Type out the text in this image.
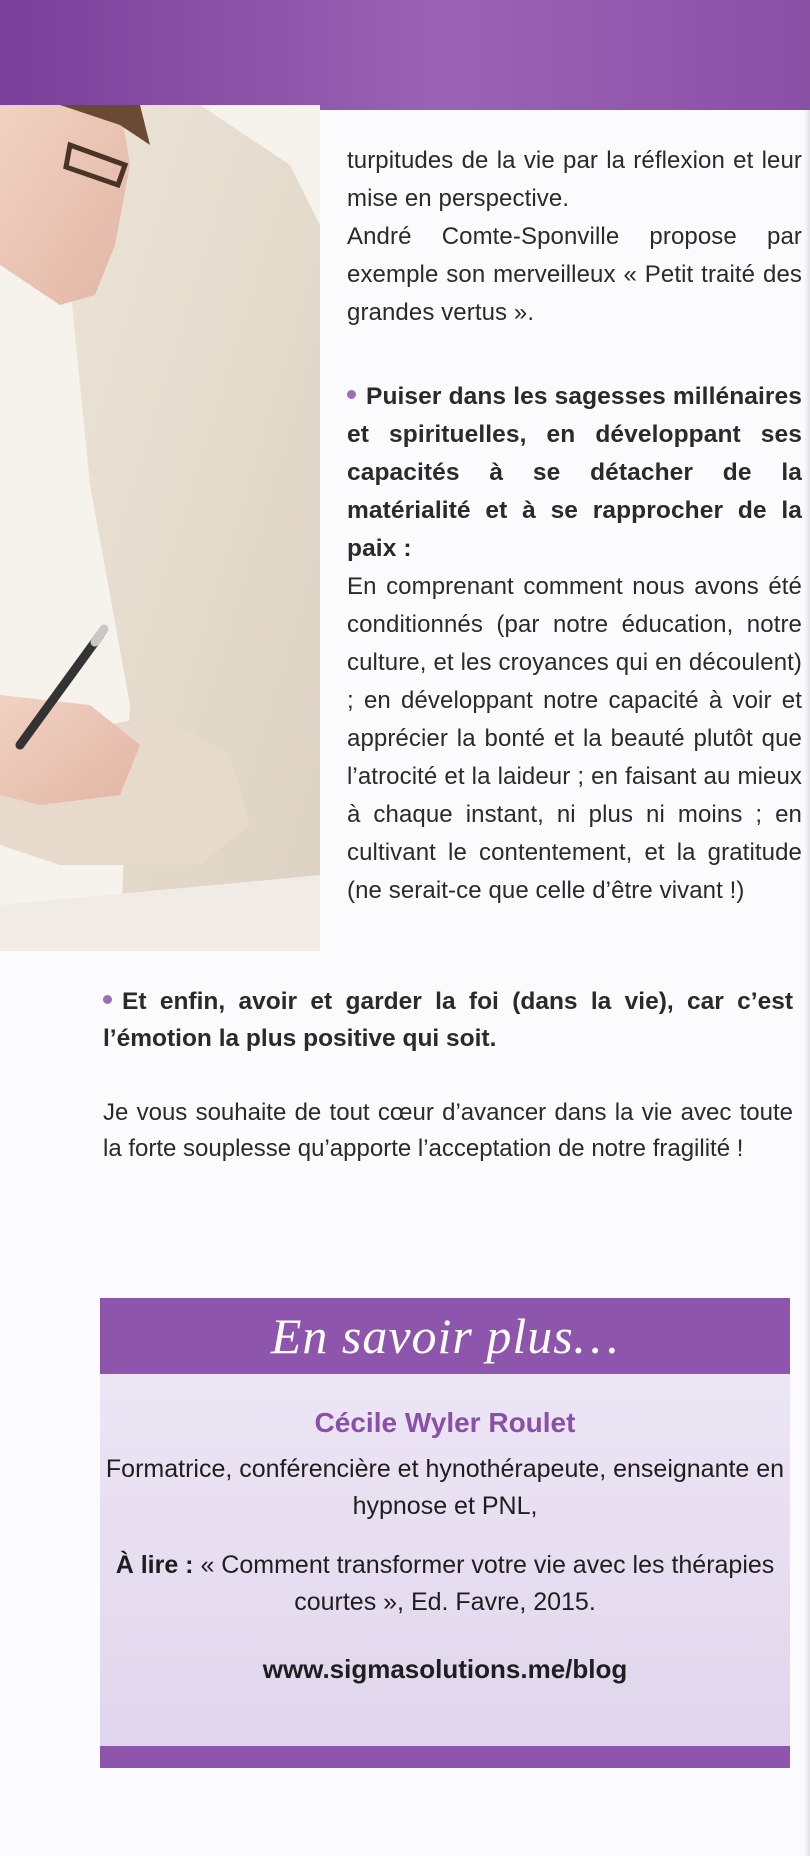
turpitudes de la vie par la réflexion et leur mise en perspective.

André Comte-Sponville propose par exemple son merveilleux « Petit traité des grandes vertus ».

Puiser dans les sagesses millénaires et spirituelles, en développant ses capacités à se détacher de la matérialité et à se rapprocher de la paix :

En comprenant comment nous avons été conditionnés (par notre éducation, notre culture, et les croyances qui en découlent) ; en développant notre capacité à voir et apprécier la bonté et la beauté plutôt que l’atrocité et la laideur ; en faisant au mieux à chaque instant, ni plus ni moins ; en cultivant le contentement, et la gratitude (ne serait-ce que celle d’être vivant !)

Et enfin, avoir et garder la foi (dans la vie), car c’est l’émotion la plus positive qui soit.

Je vous souhaite de tout cœur d’avancer dans la vie avec toute la forte souplesse qu’apporte l’acceptation de notre fragilité !

En savoir plus…
Cécile Wyler Roulet
Formatrice, conférencière et hynothérapeute, enseignante en hypnose et PNL,
À lire : « Comment transformer votre vie avec les thérapies courtes », Ed. Favre, 2015.
www.sigmasolutions.me/blog
